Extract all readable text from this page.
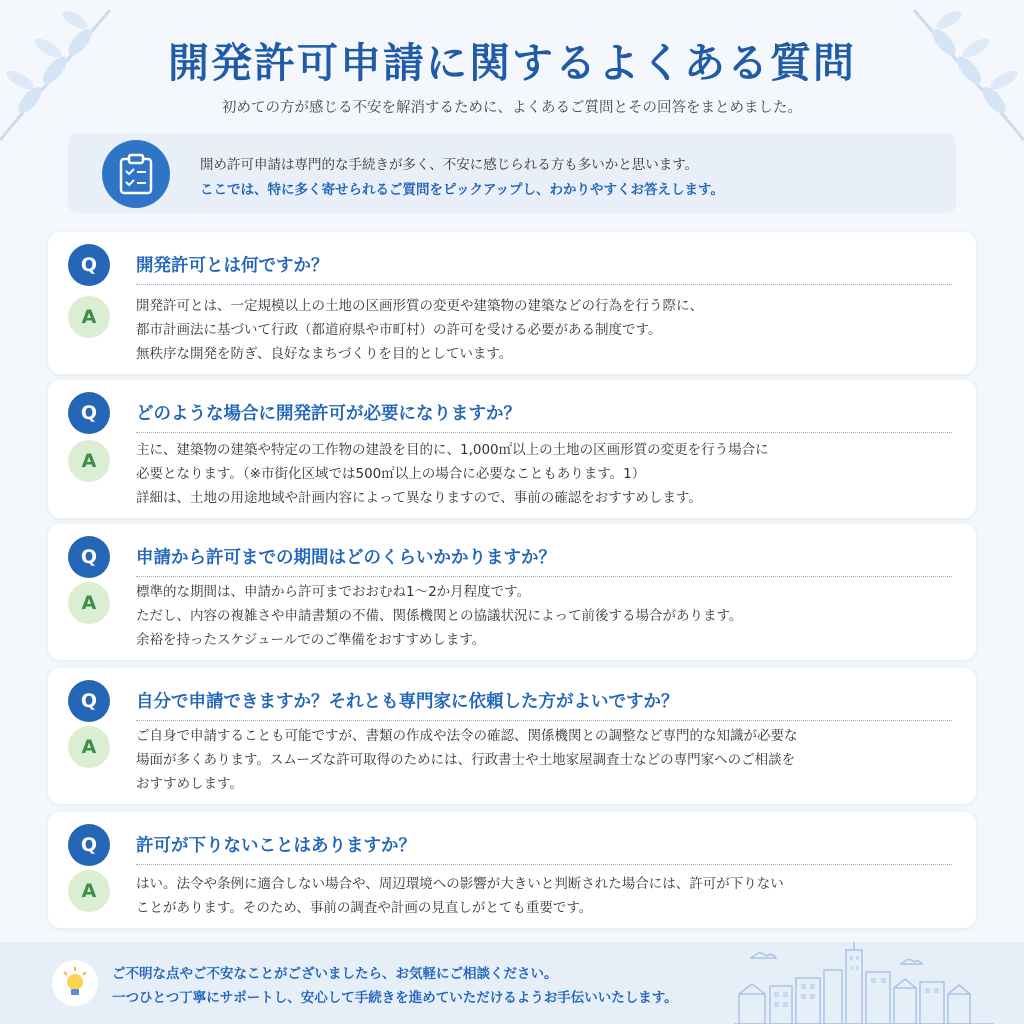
開発許可申請に関するよくある質問

初めての方が感じる不安を解消するために、よくあるご質問とその回答をまとめました。

開め許可申請は専門的な手続きが多く、不安に感じられる方も多いかと思います。

ここでは、特に多く寄せられるご質問をピックアップし、わかりやすくお答えします。

Q	開発許可とは何ですか？
A	開発許可とは、一定規模以上の土地の区画形質の変更や建築物の建築などの行為を行う際に、
都市計画法に基づいて行政（都道府県や市町村）の許可を受ける必要がある制度です。
無秩序な開発を防ぎ、良好なまちづくりを目的としています。
Q	どのような場合に開発許可が必要になりますか？
A	主に、建築物の建築や特定の工作物の建設を目的に、1,000㎡以上の土地の区画形質の変更を行う場合に
必要となります。（※市街化区域では500㎡以上の場合に必要なこともあります。1）
詳細は、土地の用途地域や計画内容によって異なりますので、事前の確認をおすすめします。
Q	申請から許可までの期間はどのくらいかかりますか？
A	標準的な期間は、申請から許可までおおむね1～2か月程度です。
ただし、内容の複雑さや申請書類の不備、関係機関との協議状況によって前後する場合があります。
余裕を持ったスケジュールでのご準備をおすすめします。
Q	自分で申請できますか？それとも専門家に依頼した方がよいですか？
A	ご自身で申請することも可能ですが、書類の作成や法令の確認、関係機関との調整など専門的な知識が必要な
場面が多くあります。スムーズな許可取得のためには、行政書士や土地家屋調査士などの専門家へのご相談を
おすすめします。
Q	許可が下りないことはありますか？
A	はい。法令や条例に適合しない場合や、周辺環境への影響が大きいと判断された場合には、許可が下りない
ことがあります。そのため、事前の調査や計画の見直しがとても重要です。

ご不明な点やご不安なことがございましたら、お気軽にご相談ください。

一つひとつ丁寧にサポートし、安心して手続きを進めていただけるようお手伝いいたします。
